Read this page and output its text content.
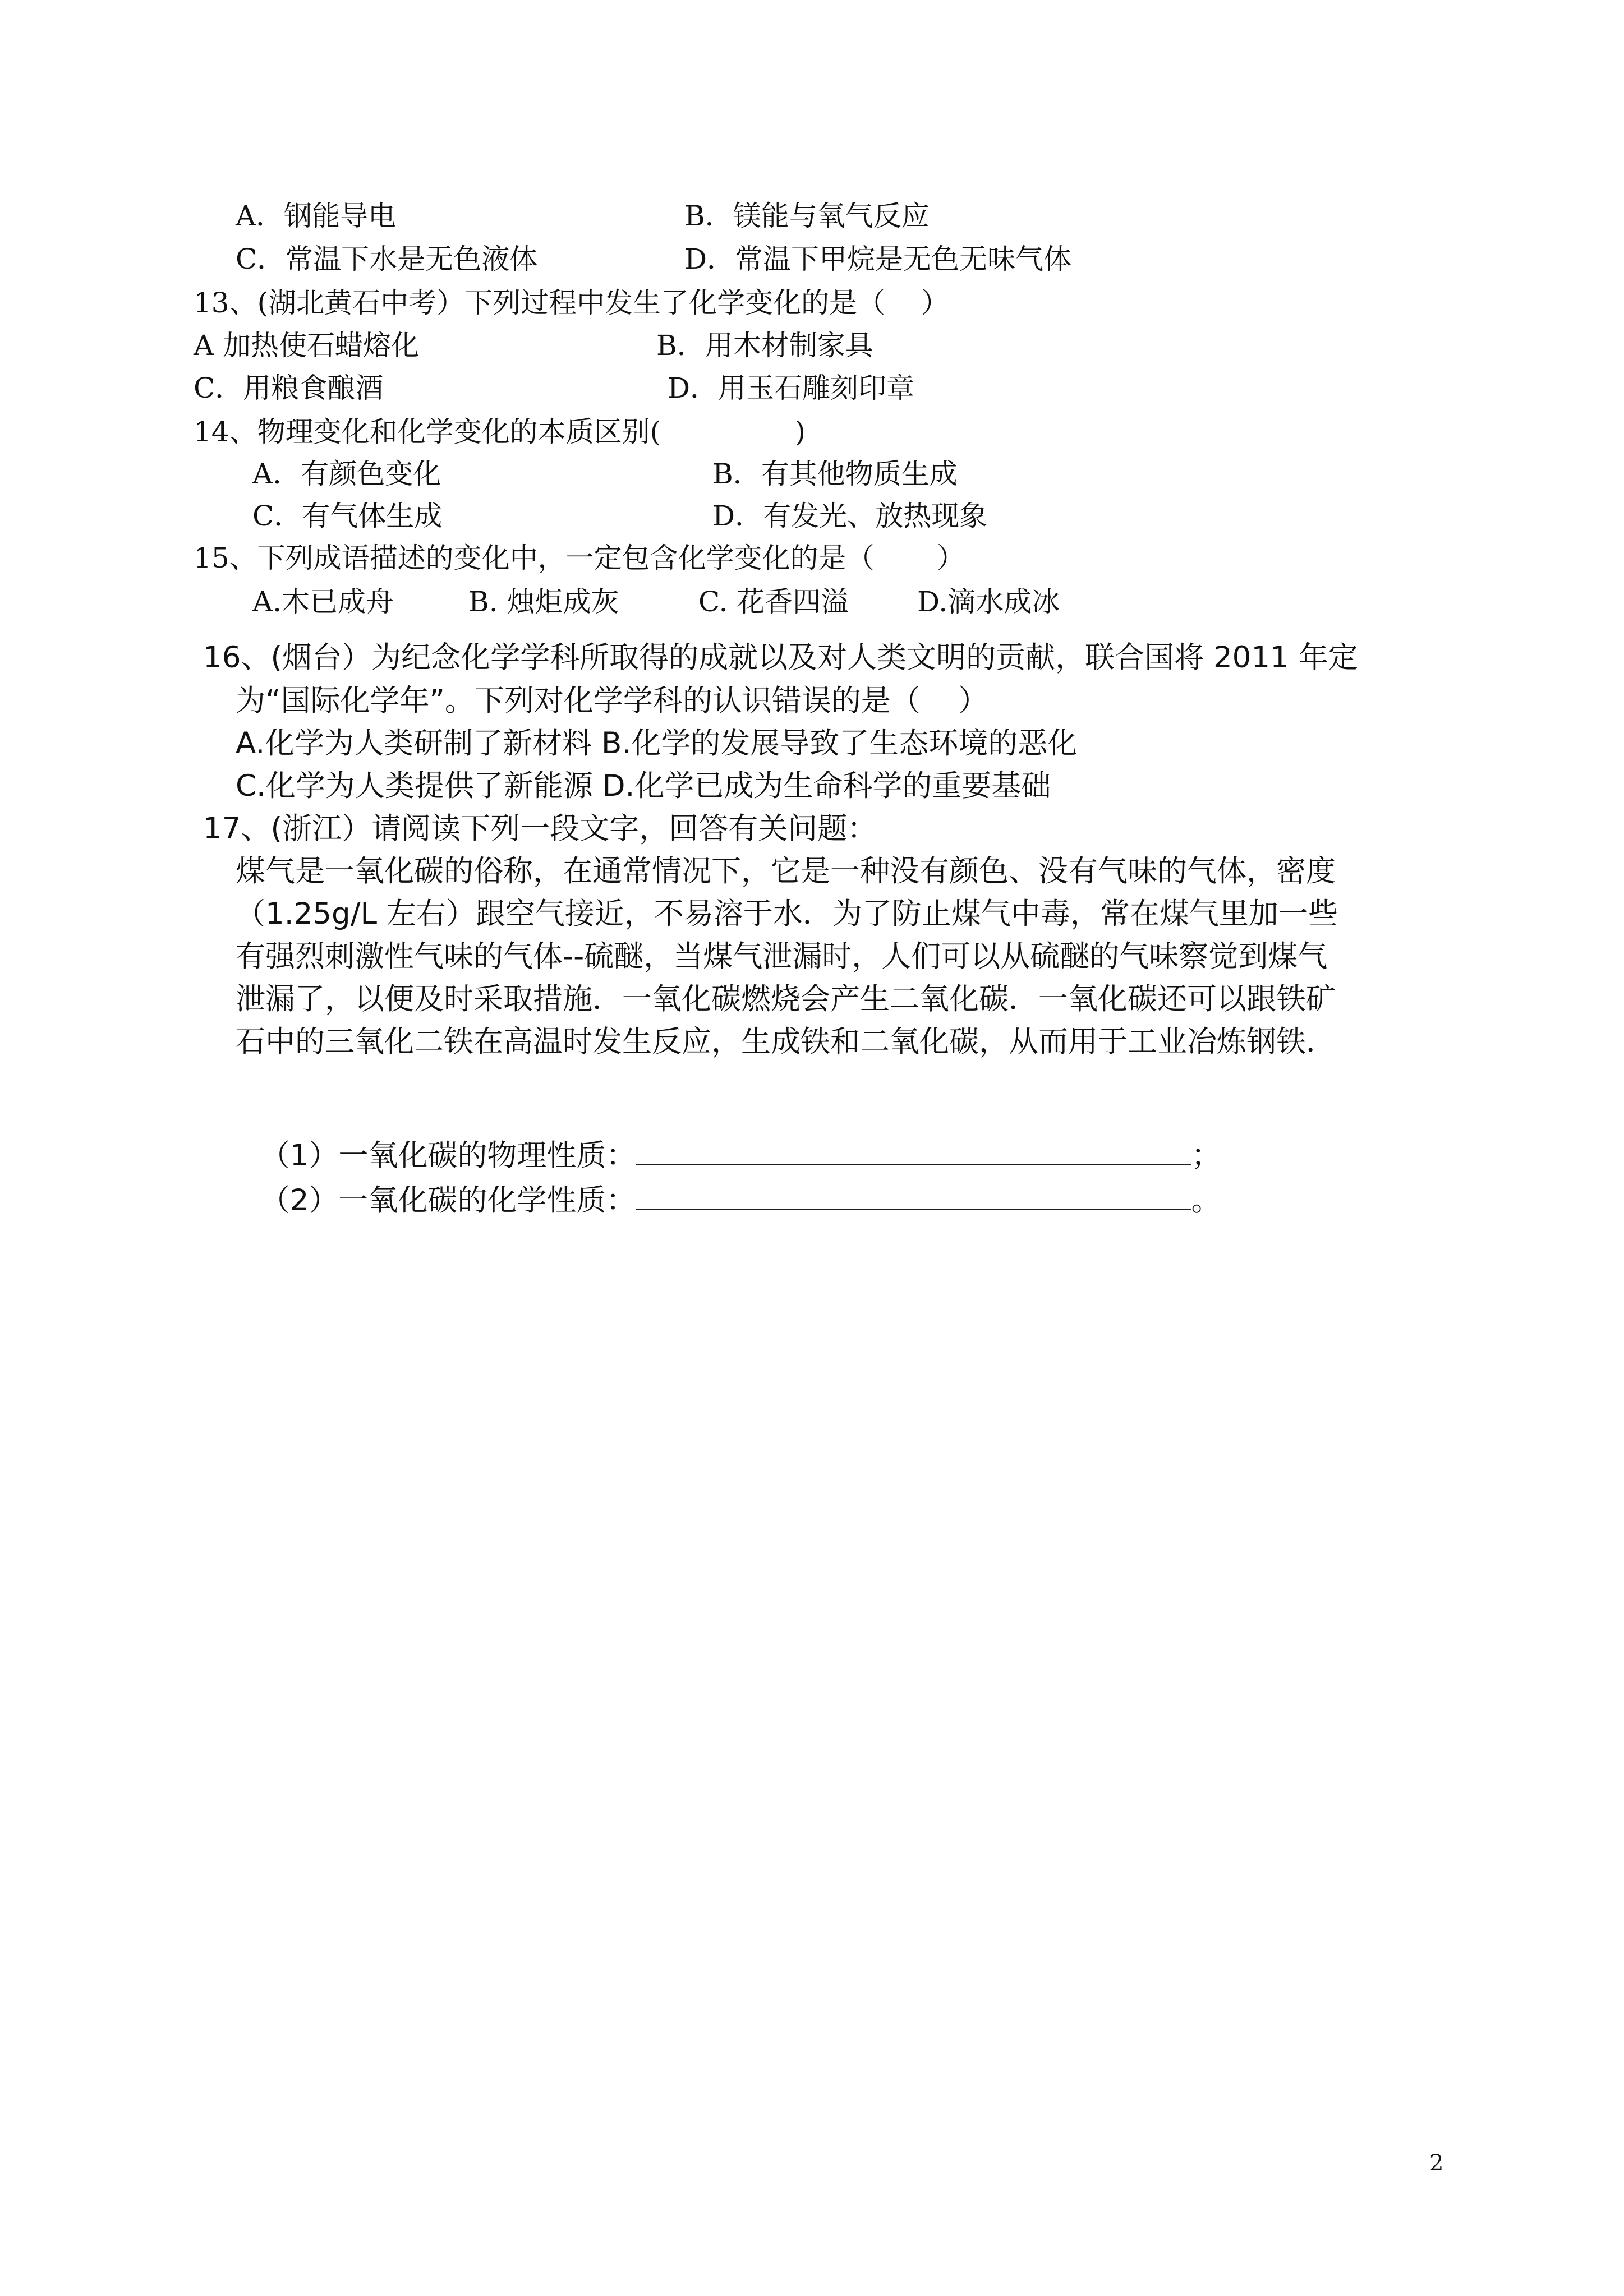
A．钢能导电	B．镁能与氧气反应
C．常温下水是无色液体	D．常温下甲烷是无色无味气体
13、(湖北黄石中考）下列过程中发生了化学变化的是（    ）
A 加热使石蜡熔化	B．用木材制家具
C．用粮食酿酒	D．用玉石雕刻印章
14、物理变化和化学变化的本质区别(               )
A．有颜色变化	B．有其他物质生成
C．有气体生成	D．有发光、放热现象
15、下列成语描述的变化中，一定包含化学变化的是（       ）
A.木已成舟	B. 烛炬成灰	C. 花香四溢 D.滴水成冰
16、(烟台）为纪念化学学科所取得的成就以及对人类文明的贡献，联合国将 2011 年定
为“国际化学年”。下列对化学学科的认识错误的是（    ）
A.化学为人类研制了新材料 B.化学的发展导致了生态环境的恶化
C.化学为人类提供了新能源 D.化学已成为生命科学的重要基础
17、(浙江）请阅读下列一段文字，回答有关问题：
煤气是一氧化碳的俗称，在通常情况下，它是一种没有颜色、没有气味的气体，密度
（1.25g/L 左右）跟空气接近，不易溶于水．为了防止煤气中毒，常在煤气里加一些
有强烈刺激性气味的气体--硫醚，当煤气泄漏时，人们可以从硫醚的气味察觉到煤气
泄漏了，以便及时采取措施．一氧化碳燃烧会产生二氧化碳．一氧化碳还可以跟铁矿
石中的三氧化二铁在高温时发生反应，生成铁和二氧化碳，从而用于工业冶炼钢铁．

（1）一氧化碳的物理性质：	；

（2）一氧化碳的化学性质：	。

2
